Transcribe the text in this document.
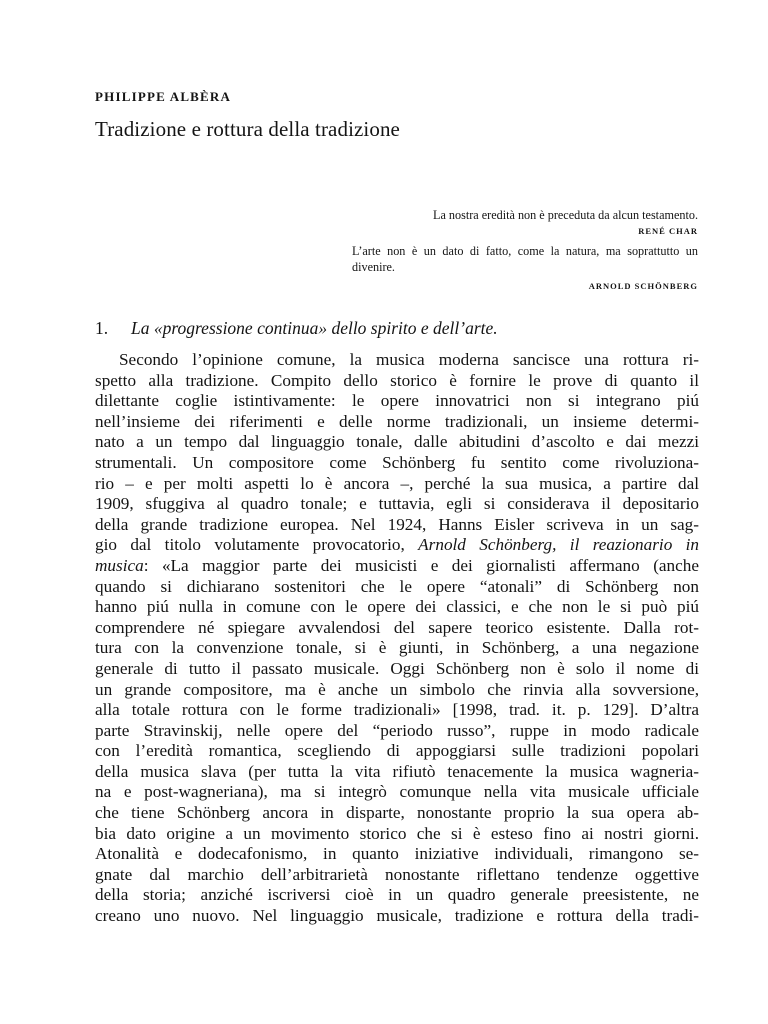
PHILIPPE ALBÈRA
Tradizione e rottura della tradizione
La nostra eredità non è preceduta da alcun testamento.
RENÉ CHAR
L’arte non è un dato di fatto, come la natura, ma soprattutto un divenire.
ARNOLD SCHÖNBERG
1. La «progressione continua» dello spirito e dell’arte.
Secondo l’opinione comune, la musica moderna sancisce una rottura ri-
spetto alla tradizione. Compito dello storico è fornire le prove di quanto il
dilettante coglie istintivamente: le opere innovatrici non si integrano piú
nell’insieme dei riferimenti e delle norme tradizionali, un insieme determi-
nato a un tempo dal linguaggio tonale, dalle abitudini d’ascolto e dai mezzi
strumentali. Un compositore come Schönberg fu sentito come rivoluziona-
rio – e per molti aspetti lo è ancora –, perché la sua musica, a partire dal
1909, sfuggiva al quadro tonale; e tuttavia, egli si considerava il depositario
della grande tradizione europea. Nel 1924, Hanns Eisler scriveva in un sag-
gio dal titolo volutamente provocatorio, Arnold Schönberg, il reazionario in
musica: «La maggior parte dei musicisti e dei giornalisti affermano (anche
quando si dichiarano sostenitori che le opere “atonali” di Schönberg non
hanno piú nulla in comune con le opere dei classici, e che non le si può piú
comprendere né spiegare avvalendosi del sapere teorico esistente. Dalla rot-
tura con la convenzione tonale, si è giunti, in Schönberg, a una negazione
generale di tutto il passato musicale. Oggi Schönberg non è solo il nome di
un grande compositore, ma è anche un simbolo che rinvia alla sovversione,
alla totale rottura con le forme tradizionali» [1998, trad. it. p. 129]. D’altra
parte Stravinskij, nelle opere del “periodo russo”, ruppe in modo radicale
con l’eredità romantica, scegliendo di appoggiarsi sulle tradizioni popolari
della musica slava (per tutta la vita rifiutò tenacemente la musica wagneria-
na e post-wagneriana), ma si integrò comunque nella vita musicale ufficiale
che tiene Schönberg ancora in disparte, nonostante proprio la sua opera ab-
bia dato origine a un movimento storico che si è esteso fino ai nostri giorni.
Atonalità e dodecafonismo, in quanto iniziative individuali, rimangono se-
gnate dal marchio dell’arbitrarietà nonostante riflettano tendenze oggettive
della storia; anziché iscriversi cioè in un quadro generale preesistente, ne
creano uno nuovo. Nel linguaggio musicale, tradizione e rottura della tradi-
